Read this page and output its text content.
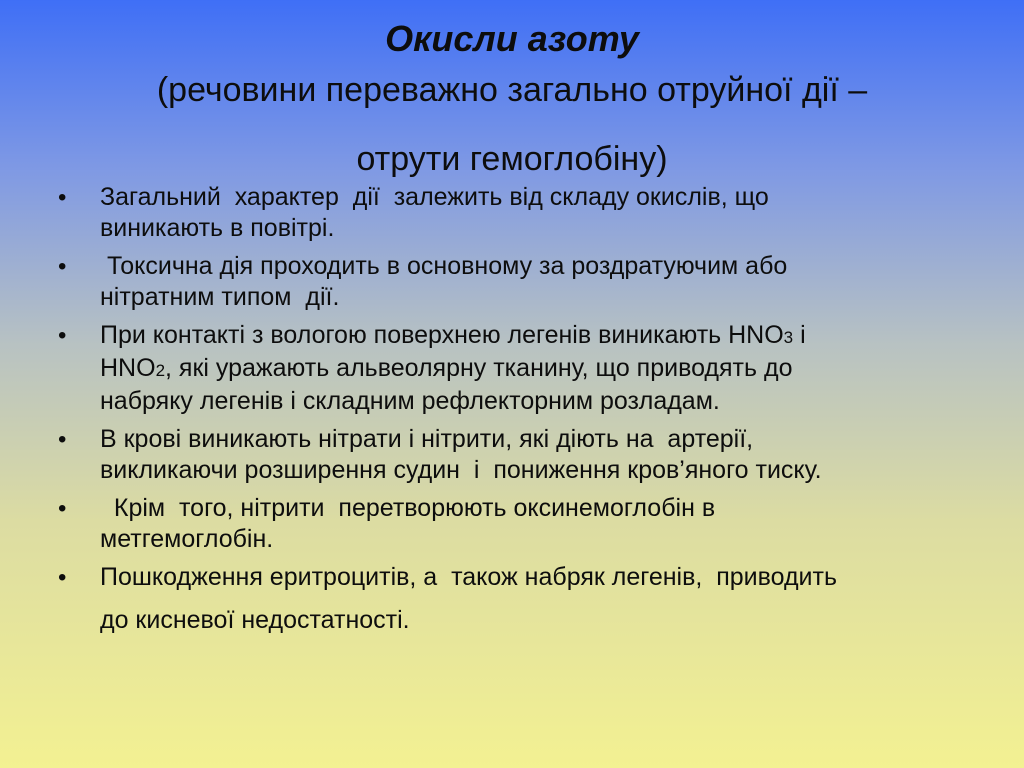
Окисли азоту
(речовини переважно загально отруйної дії –
отрути гемоглобіну)
• Загальний  характер  дії  залежить від складу окислів, що
виникають в повітрі.
• Токсична дія проходить в основному за роздратуючим або
нітратним типом  дії.
• При контакті з вологою поверхнею легенів виникають HNO3 і
HNO2, які уражають альвеолярну тканину, що приводять до
набряку легенів і складним рефлекторним розладам.
• В крові виникають нітрати і нітрити, які діють на  артерії,
викликаючи розширення судин  і  пониження кров’яного тиску.
• Крім  того, нітрити  перетворюють оксинемоглобін в
метгемоглобін.
• Пошкодження еритроцитів, а  також набряк легенів,  приводить
до кисневої недостатності.
